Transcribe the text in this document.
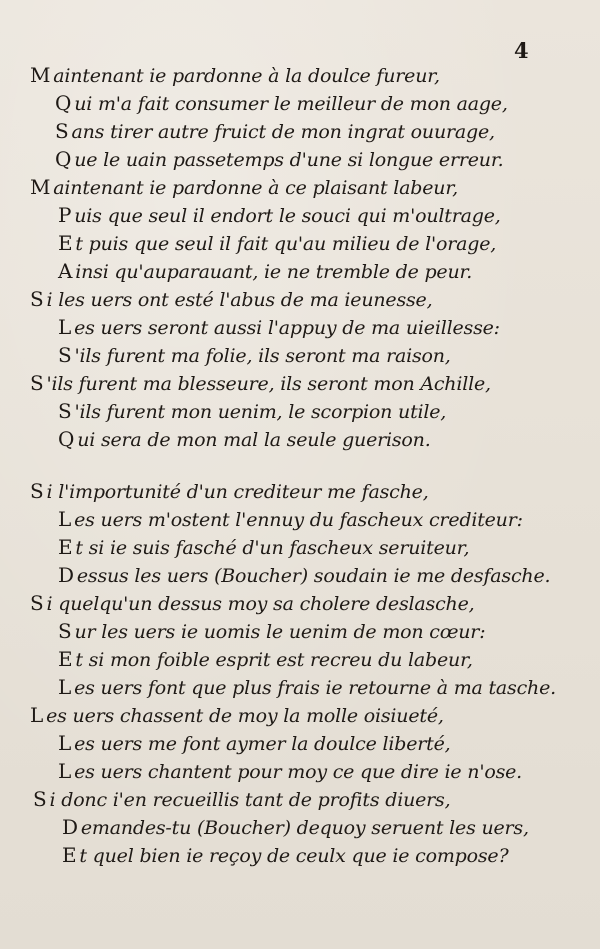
4
M aintenant ie pardonne à la doulce fureur,
Q ui m'a fait consumer le meilleur de mon aage,
S ans tirer autre fruict de mon ingrat ouurage,
Q ue le uain passetemps d'une si longue erreur.
M aintenant ie pardonne à ce plaisant labeur,
P uis que seul il endort le souci qui m'oultrage,
E t puis que seul il fait qu'au milieu de l'orage,
A insi qu'auparauant, ie ne tremble de peur.
S i les uers ont esté l'abus de ma ieunesse,
L es uers seront aussi l'appuy de ma uieillesse:
S 'ils furent ma folie, ils seront ma raison,
S 'ils furent ma blesseure, ils seront mon Achille,
S 'ils furent mon uenim, le scorpion utile,
Q ui sera de mon mal la seule guerison.
S i l'importunité d'un crediteur me fasche,
L es uers m'ostent l'ennuy du fascheux crediteur:
E t si ie suis fasché d'un fascheux seruiteur,
D essus les uers (Boucher) soudain ie me desfasche.
S i quelqu'un dessus moy sa cholere deslasche,
S ur les uers ie uomis le uenim de mon cœur:
E t si mon foible esprit est recreu du labeur,
L es uers font que plus frais ie retourne à ma tasche.
L es uers chassent de moy la molle oisiueté,
L es uers me font aymer la doulce liberté,
L es uers chantent pour moy ce que dire ie n'ose.
S i donc i'en recueillis tant de profits diuers,
D emandes-tu (Boucher) dequoy seruent les uers,
E t quel bien ie reçoy de ceulx que ie compose?
